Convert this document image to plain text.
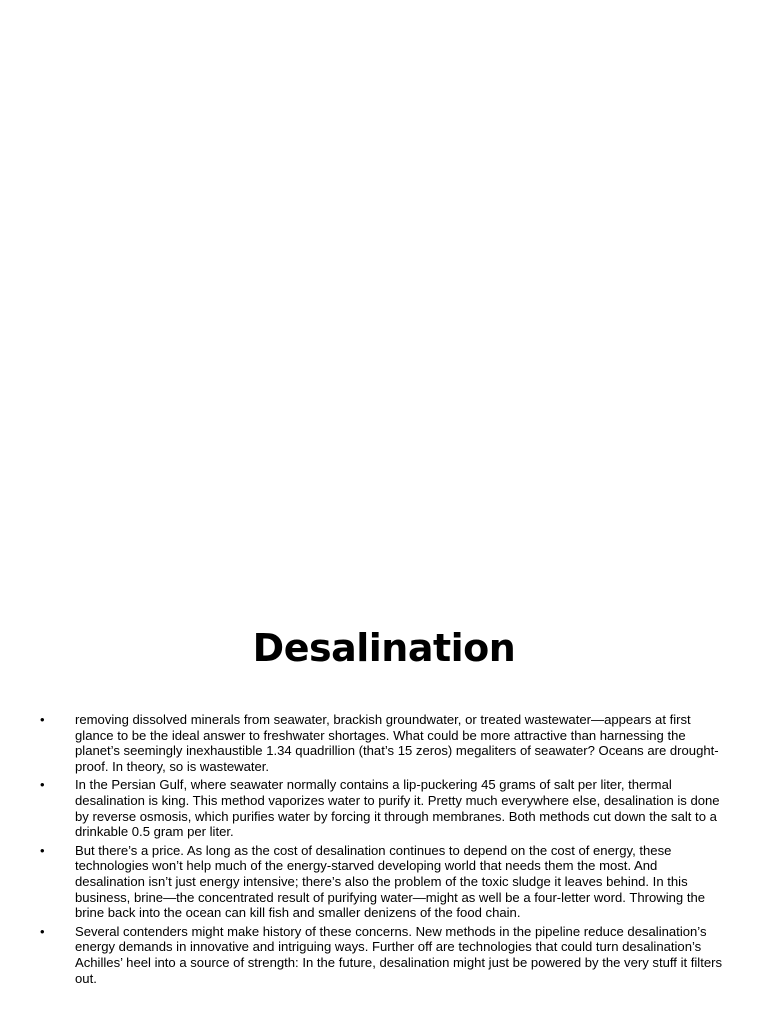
Desalination
•	removing dissolved minerals from seawater, brackish groundwater, or treated wastewater—appears at first glance to be the ideal answer to freshwater shortages. What could be more attractive than harnessing the planet’s seemingly inexhaustible 1.34 quadrillion (that’s 15 zeros) megaliters of seawater? Oceans are drought-proof. In theory, so is wastewater.
•	In the Persian Gulf, where seawater normally contains a lip-puckering 45 grams of salt per liter, thermal desalination is king. This method vaporizes water to purify it. Pretty much everywhere else, desalination is done by reverse osmosis, which purifies water by forcing it through membranes. Both methods cut down the salt to a drinkable 0.5 gram per liter.
•	But there’s a price. As long as the cost of desalination continues to depend on the cost of energy, these technologies won’t help much of the energy-starved developing world that needs them the most. And desalination isn’t just energy intensive; there’s also the problem of the toxic sludge it leaves behind. In this business, brine—the concentrated result of purifying water—might as well be a four-letter word. Throwing the brine back into the ocean can kill fish and smaller denizens of the food chain.
•	Several contenders might make history of these concerns. New methods in the pipeline reduce desalination’s energy demands in innovative and intriguing ways. Further off are technologies that could turn desalination’s Achilles’ heel into a source of strength: In the future, desalination might just be powered by the very stuff it filters out.
